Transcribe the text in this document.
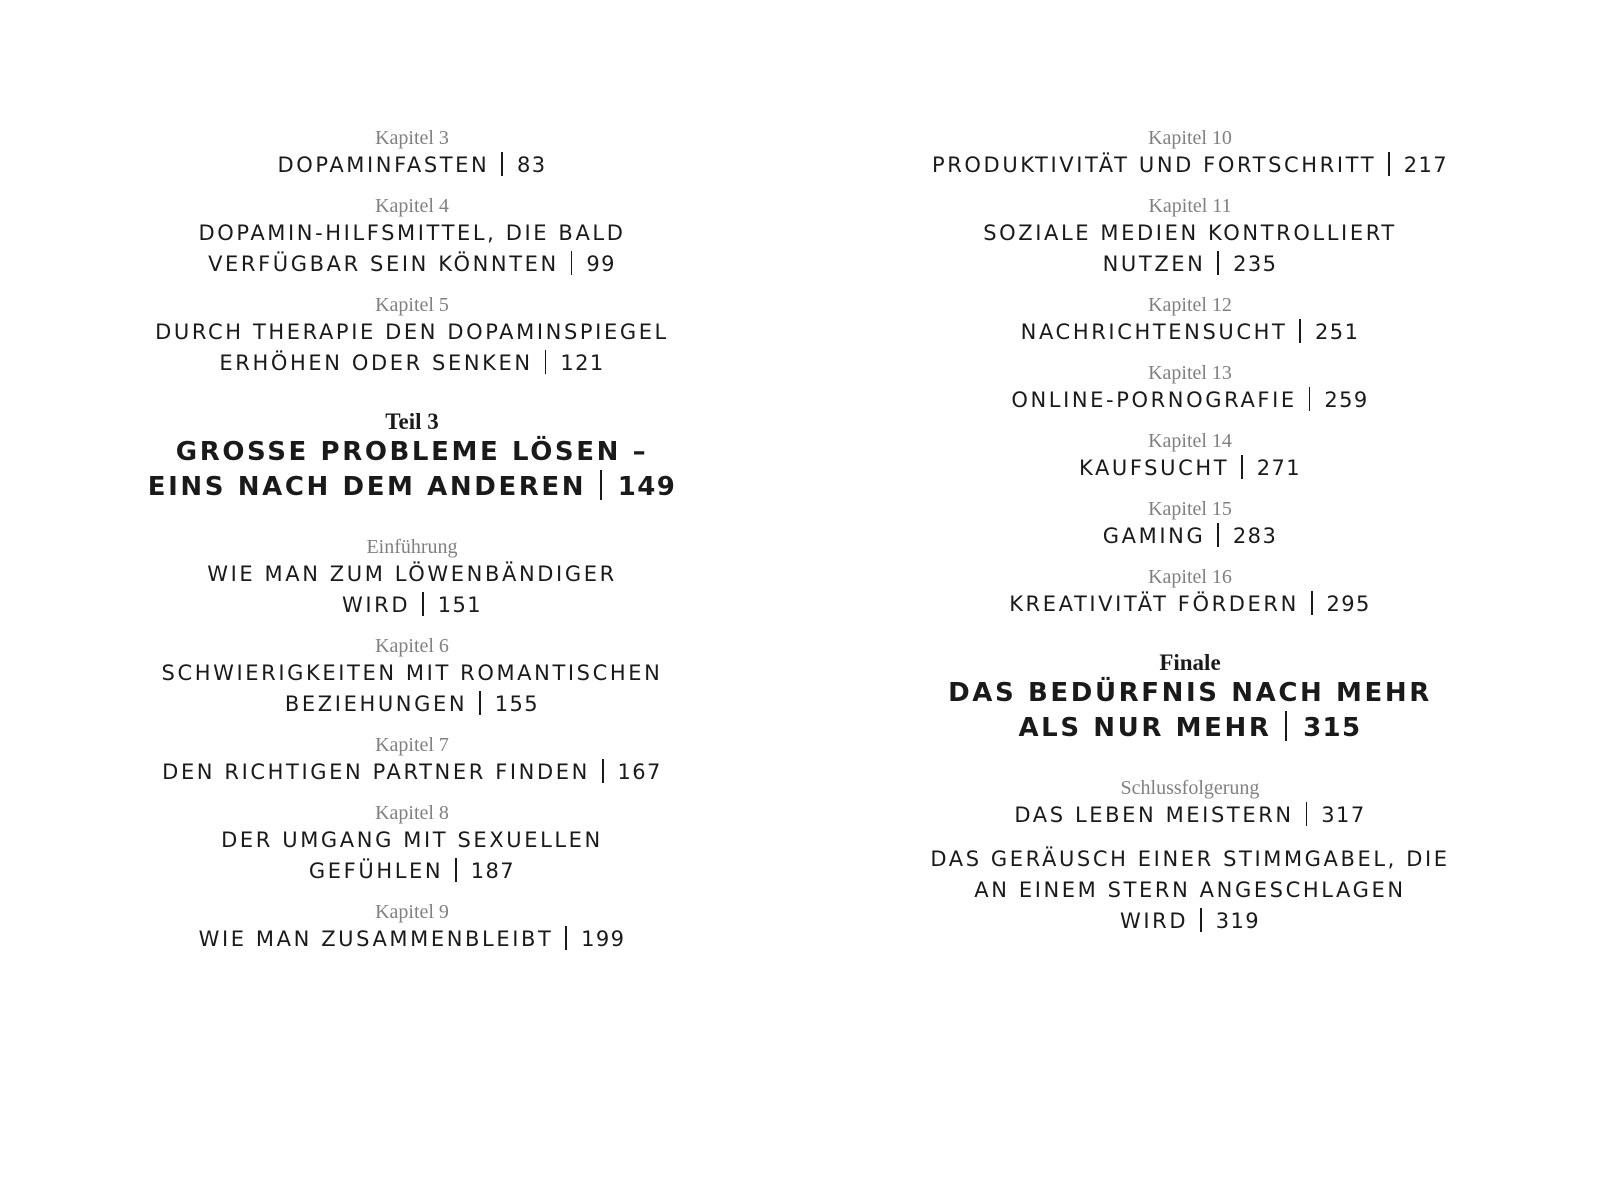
Kapitel 3
DOPAMINFASTEN 83
Kapitel 4
DOPAMIN-HILFSMITTEL, DIE BALD
VERFÜGBAR SEIN KÖNNTEN 99
Kapitel 5
DURCH THERAPIE DEN DOPAMINSPIEGEL
ERHÖHEN ODER SENKEN 121
Teil 3
GROSSE PROBLEME LÖSEN –
EINS NACH DEM ANDEREN 149
Einführung
WIE MAN ZUM LÖWENBÄNDIGER
WIRD 151
Kapitel 6
SCHWIERIGKEITEN MIT ROMANTISCHEN
BEZIEHUNGEN 155
Kapitel 7
DEN RICHTIGEN PARTNER FINDEN 167
Kapitel 8
DER UMGANG MIT SEXUELLEN
GEFÜHLEN 187
Kapitel 9
WIE MAN ZUSAMMENBLEIBT 199
Kapitel 10
PRODUKTIVITÄT UND FORTSCHRITT 217
Kapitel 11
SOZIALE MEDIEN KONTROLLIERT
NUTZEN 235
Kapitel 12
NACHRICHTENSUCHT 251
Kapitel 13
ONLINE-PORNOGRAFIE 259
Kapitel 14
KAUFSUCHT 271
Kapitel 15
GAMING 283
Kapitel 16
KREATIVITÄT FÖRDERN 295
Finale
DAS BEDÜRFNIS NACH MEHR
ALS NUR MEHR 315
Schlussfolgerung
DAS LEBEN MEISTERN 317
DAS GERÄUSCH EINER STIMMGABEL, DIE
AN EINEM STERN ANGESCHLAGEN
WIRD 319
